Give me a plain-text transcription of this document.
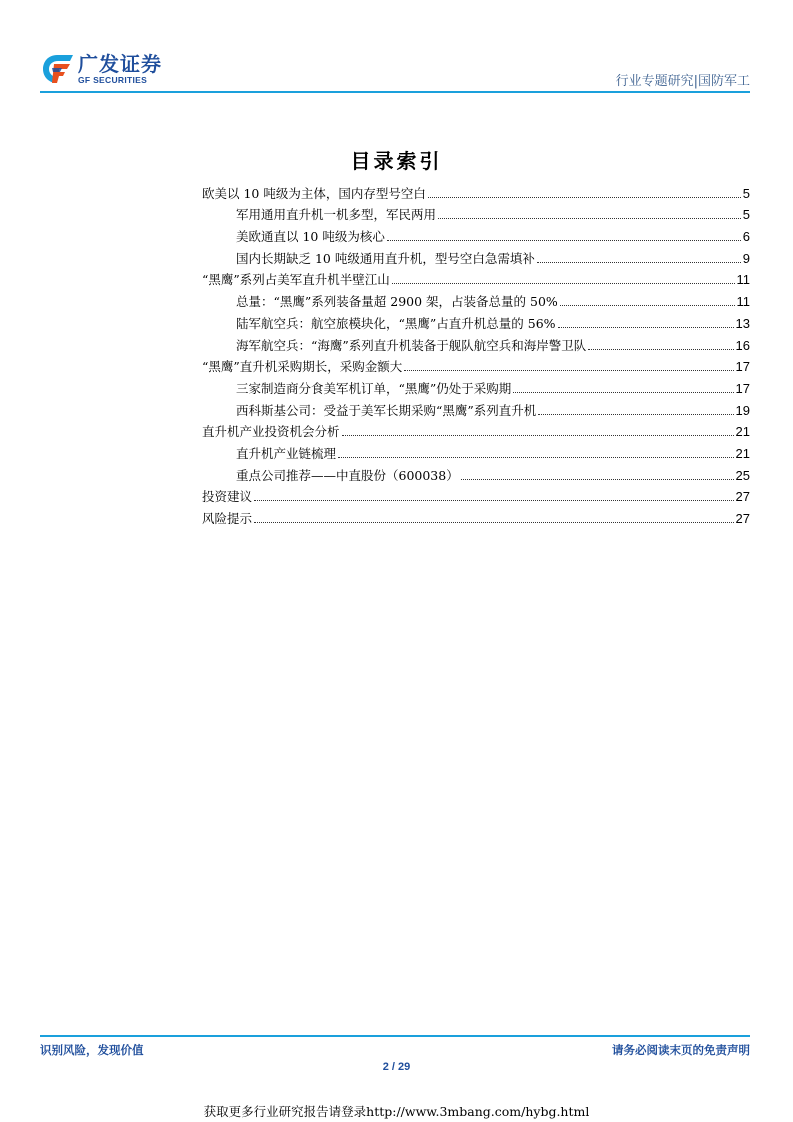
广发证券
GF SECURITIES	行业专题研究|国防军工
目录索引
欧美以 10 吨级为主体，国内存型号空白	5
军用通用直升机一机多型，军民两用	5
美欧通直以 10 吨级为核心	6
国内长期缺乏 10 吨级通用直升机，型号空白急需填补	9
“黑鹰”系列占美军直升机半壁江山	11
总量：“黑鹰”系列装备量超 2900 架，占装备总量的 50%	11
陆军航空兵：航空旅模块化，“黑鹰”占直升机总量的 56%	13
海军航空兵：“海鹰”系列直升机装备于舰队航空兵和海岸警卫队	16
“黑鹰”直升机采购期长，采购金额大	17
三家制造商分食美军机订单，“黑鹰”仍处于采购期	17
西科斯基公司：受益于美军长期采购“黑鹰”系列直升机	19
直升机产业投资机会分析	21
直升机产业链梳理	21
重点公司推荐——中直股份（600038）	25
投资建议	27
风险提示	27
识别风险，发现价值	请务必阅读末页的免责声明
2 / 29
获取更多行业研究报告请登录http://www.3mbang.com/hybg.html
